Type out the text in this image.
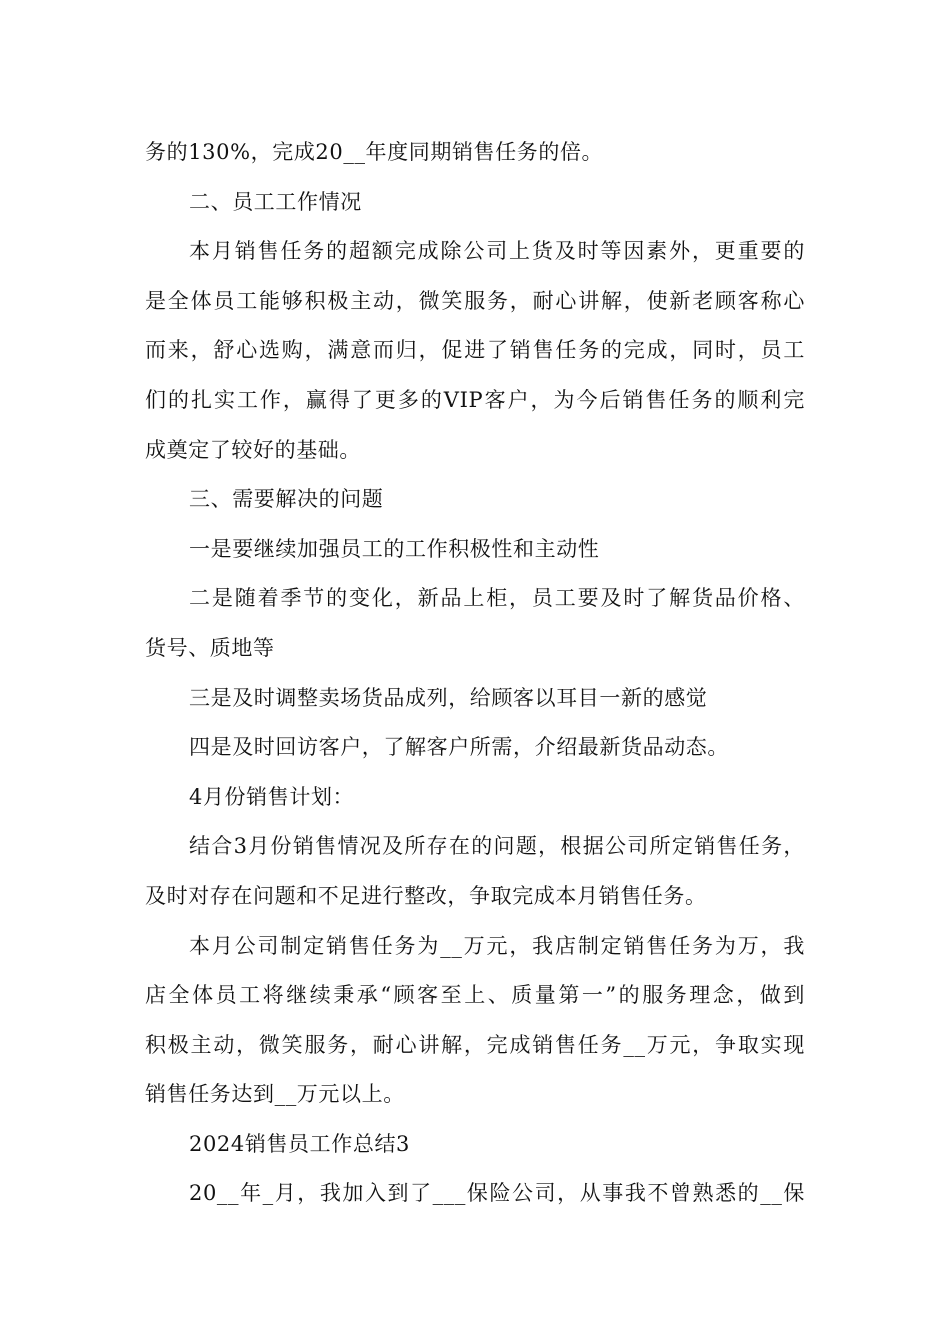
务的130%，完成20__年度同期销售任务的倍。
二、员工工作情况
本月销售任务的超额完成除公司上货及时等因素外，更重要的
是全体员工能够积极主动，微笑服务，耐心讲解，使新老顾客称心
而来，舒心选购，满意而归，促进了销售任务的完成，同时，员工
们的扎实工作，赢得了更多的VIP客户，为今后销售任务的顺利完
成奠定了较好的基础。
三、需要解决的问题
一是要继续加强员工的工作积极性和主动性
二是随着季节的变化，新品上柜，员工要及时了解货品价格、
货号、质地等
三是及时调整卖场货品成列，给顾客以耳目一新的感觉
四是及时回访客户，了解客户所需，介绍最新货品动态。
4月份销售计划：
结合3月份销售情况及所存在的问题，根据公司所定销售任务，
及时对存在问题和不足进行整改，争取完成本月销售任务。
本月公司制定销售任务为__万元，我店制定销售任务为万，我
店全体员工将继续秉承“顾客至上、质量第一”的服务理念，做到
积极主动，微笑服务，耐心讲解，完成销售任务__万元，争取实现
销售任务达到__万元以上。
2024销售员工作总结3
20__年_月，我加入到了___保险公司，从事我不曾熟悉的__保
